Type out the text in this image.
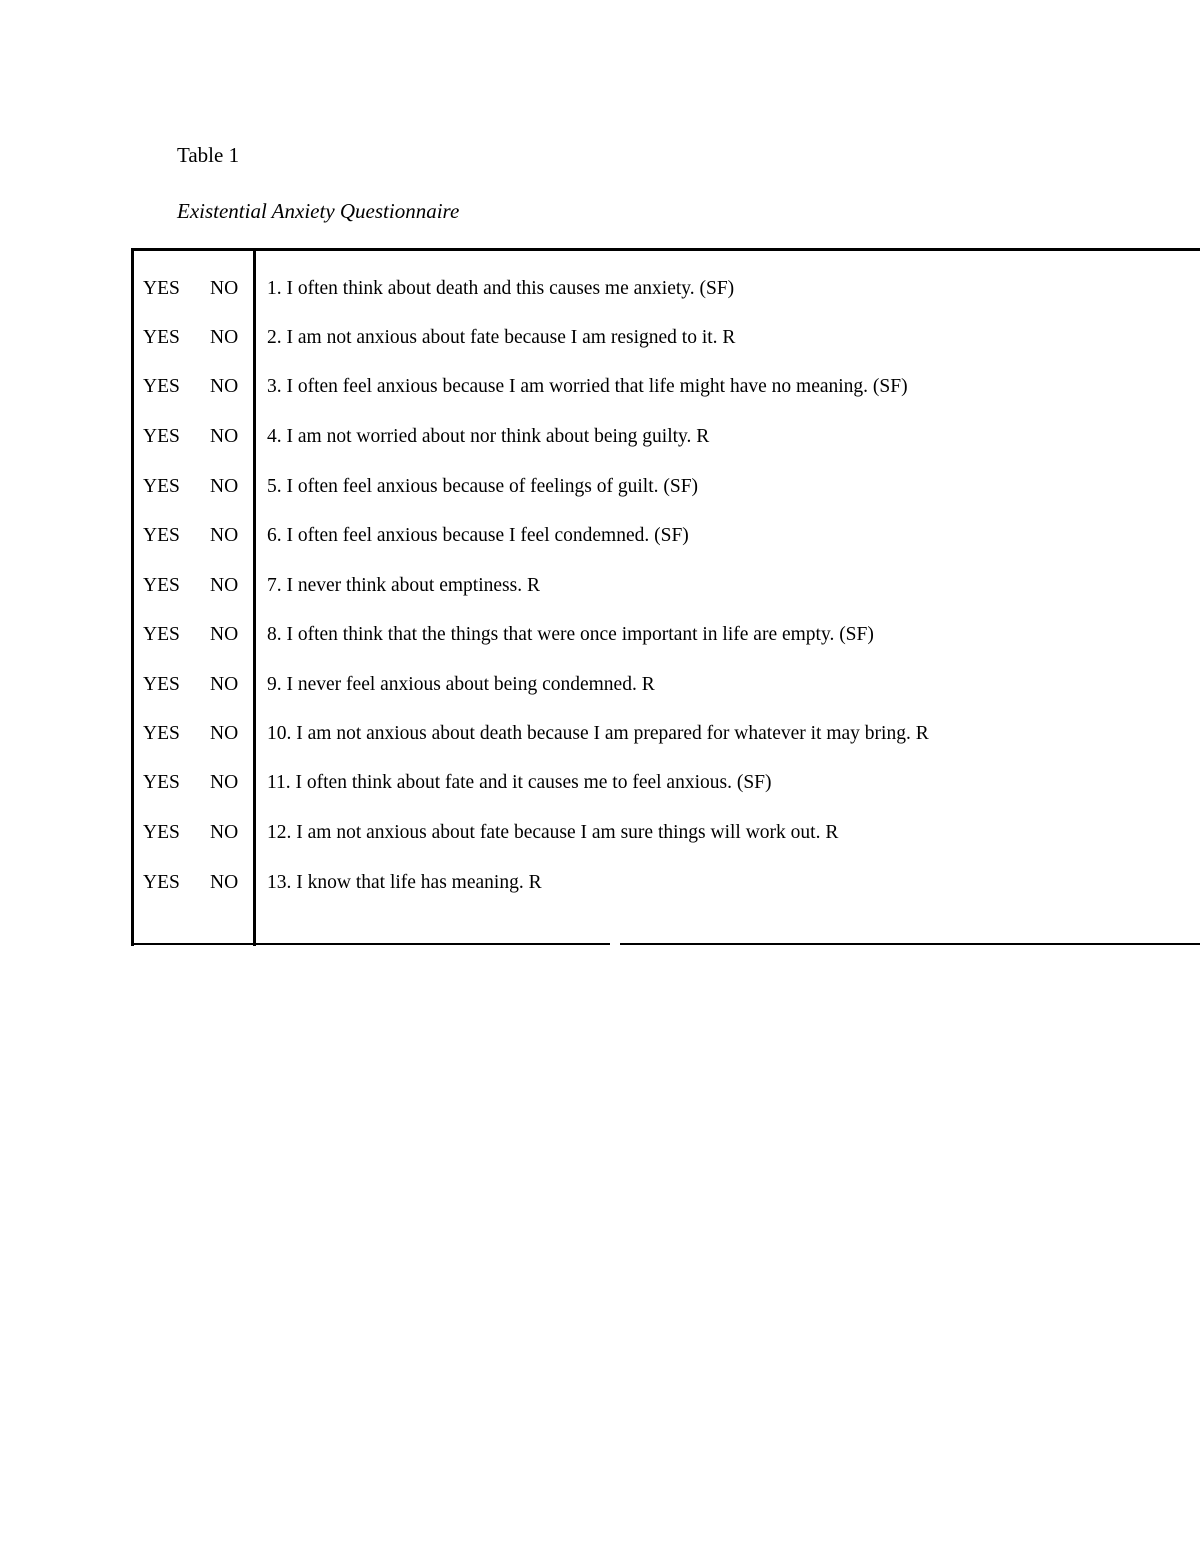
Table 1
Existential Anxiety Questionnaire
YES NO 1. I often think about death and this causes me anxiety. (SF)
YES NO 2. I am not anxious about fate because I am resigned to it. R
YES NO 3. I often feel anxious because I am worried that life might have no meaning. (SF)
YES NO 4. I am not worried about nor think about being guilty. R
YES NO 5. I often feel anxious because of feelings of guilt. (SF)
YES NO 6. I often feel anxious because I feel condemned. (SF)
YES NO 7. I never think about emptiness. R
YES NO 8. I often think that the things that were once important in life are empty. (SF)
YES NO 9. I never feel anxious about being condemned. R
YES NO 10. I am not anxious about death because I am prepared for whatever it may bring. R
YES NO 11. I often think about fate and it causes me to feel anxious. (SF)
YES NO 12. I am not anxious about fate because I am sure things will work out. R
YES NO 13. I know that life has meaning. R
